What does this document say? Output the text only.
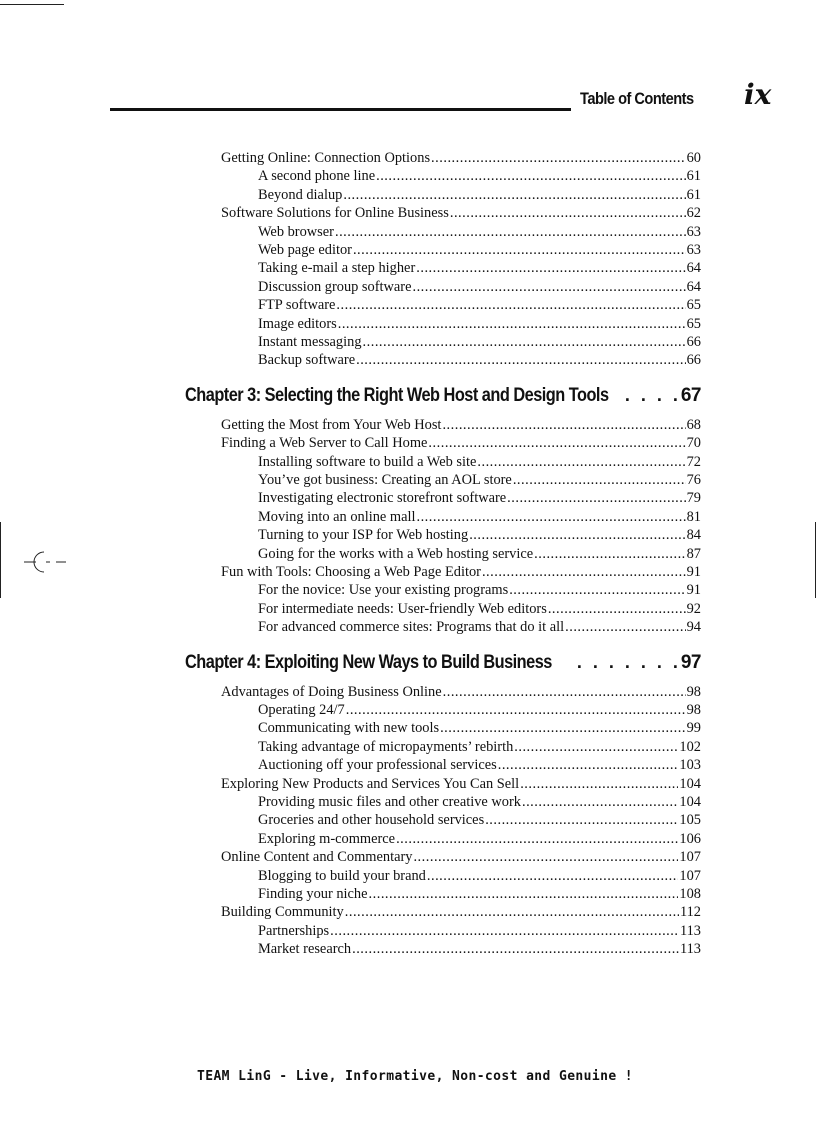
Table of Contents ix
Getting Online: Connection Options .....	60
A second phone line .....	61
Beyond dialup .....	61
Software Solutions for Online Business .....	62
Web browser .....	63
Web page editor .....	63
Taking e-mail a step higher .....	64
Discussion group software .....	64
FTP software .....	65
Image editors .....	65
Instant messaging .....	66
Backup software .....	66
Chapter 3: Selecting the Right Web Host and Design Tools . . .	67
Getting the Most from Your Web Host .....	68
Finding a Web Server to Call Home .....	70
Installing software to build a Web site .....	72
You’ve got business: Creating an AOL store .....	76
Investigating electronic storefront software .....	79
Moving into an online mall .....	81
Turning to your ISP for Web hosting .....	84
Going for the works with a Web hosting service .....	87
Fun with Tools: Choosing a Web Page Editor .....	91
For the novice: Use your existing programs .....	91
For intermediate needs: User-friendly Web editors .....	92
For advanced commerce sites: Programs that do it all .....	94
Chapter 4: Exploiting New Ways to Build Business . . .	97
Advantages of Doing Business Online .....	98
Operating 24/7 .....	98
Communicating with new tools .....	99
Taking advantage of micropayments’ rebirth .....	102
Auctioning off your professional services .....	103
Exploring New Products and Services You Can Sell .....	104
Providing music files and other creative work .....	104
Groceries and other household services .....	105
Exploring m-commerce .....	106
Online Content and Commentary .....	107
Blogging to build your brand .....	107
Finding your niche .....	108
Building Community .....	112
Partnerships .....	113
Market research .....	113
TEAM LinG - Live, Informative, Non-cost and Genuine !
